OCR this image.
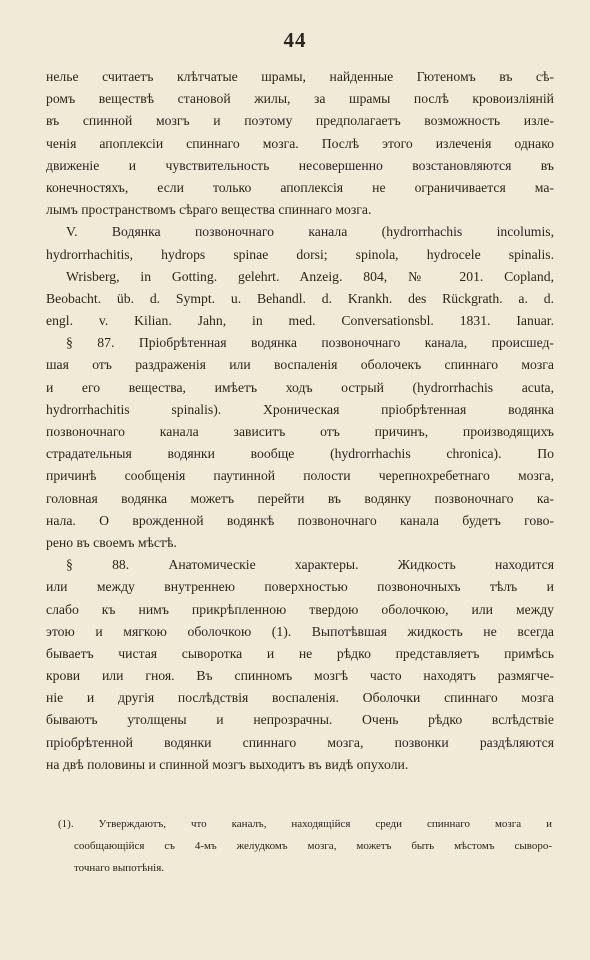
44
нелье считаетъ клѣтчатые шрамы, найденные Гютеномъ въ сѣ-
ромъ веществѣ становой жилы, за шрамы послѣ кровоизліяній
въ спинной мозгъ и поэтому предполагаетъ возможность изле-
ченія апоплексіи спиннаго мозга. Послѣ этого излеченія однако
движеніе и чувствительность несовершенно возстановляются въ
конечностяхъ, если только апоплексія не ограничивается ма-
лымъ пространствомъ сѣраго вещества спиннаго мозга.
V. Водянка позвоночнаго канала (hydrorrhachis incolumis,
hydrorrhachitis, hydrops spinae dorsi; spinola, hydrocele spinalis.
Wrisberg, in Gotting. gelehrt. Anzeig. 804, № 201. Copland,
Beobacht. üb. d. Sympt. u. Behandl. d. Krankh. des Rückgrath. a. d.
engl. v. Kilian. Jahn, in med. Conversationsbl. 1831. Ianuar.
§ 87. Пріобрѣтенная водянка позвоночнаго канала, происшед-
шая отъ раздраженія или воспаленія оболочекъ спиннаго мозга
и его вещества, имѣетъ ходъ острый (hydrorrhachis acuta,
hydrorrhachitis spinalis). Хроническая пріобрѣтенная водянка
позвоночнаго канала зависитъ отъ причинъ, производящихъ
страдательныя водянки вообще (hydrorrhachis chronica). По
причинѣ сообщенія паутинной полости черепнохребетнаго мозга,
головная водянка можетъ перейти въ водянку позвоночнаго ка-
нала. О врожденной водянкѣ позвоночнаго канала будетъ гово-
рено въ своемъ мѣстѣ.
§ 88. Анатомическіе характеры. Жидкость находится
или между внутреннею поверхностью позвоночныхъ тѣлъ и
слабо къ нимъ прикрѣпленною твердою оболочкою, или между
этою и мягкою оболочкою (1). Выпотѣвшая жидкость не всегда
бываетъ чистая сыворотка и не рѣдко представляетъ примѣсь
крови или гноя. Въ спинномъ мозгѣ часто находятъ размягче-
ніе и другія послѣдствія воспаленія. Оболочки спиннаго мозга
бываютъ утолщены и непрозрачны. Очень рѣдко вслѣдствіе
пріобрѣтенной водянки спиннаго мозга, позвонки раздѣляются
на двѣ половины и спинной мозгъ выходитъ въ видѣ опухоли.
(1). Утверждаютъ, что каналъ, находящійся среди спиннаго мозга и
сообщающійся съ 4-мъ желудкомъ мозга, можетъ быть мѣстомъ сыворо-
точнаго выпотѣнія.
